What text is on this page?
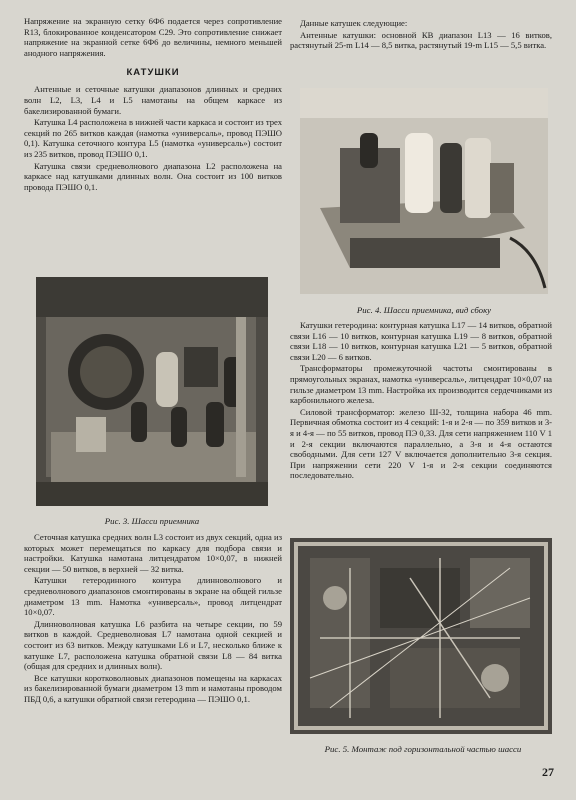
Напряжение на экранную сетку 6Ф6 подается через сопротивление R13, блокированное конденсатором C29. Это сопротивление снижает напряжение на экранной сетке 6Ф6 до величины, немного меньшей анодного напряжения.

КАТУШКИ

Антенные и сеточные катушки диапазонов длинных и средних волн L2, L3, L4 и L5 намотаны на общем каркасе из бакелизированной бумаги.

Катушка L4 расположена в нижней части каркаса и состоит из трех секций по 265 витков каждая (намотка «универсаль», провод ПЭШО 0,1). Катушка сеточного контура L5 (намотка «универсаль») состоит из 235 витков, провод ПЭШО 0,1.

Катушка связи средневолнового диапазона L2 расположена на каркасе над катушками длинных волн. Она состоит из 100 витков провода ПЭШО 0,1.

Рис. 3. Шасси приемника

Сеточная катушка средних волн L3 состоит из двух секций, одна из которых может перемещаться по каркасу для подбора связи и настройки. Катушка намотана литцендратом 10×0,07, в нижней секции — 50 витков, в верхней — 32 витка.

Катушки гетеродинного контура длинноволнового и средневолнового диапазонов смонтированы в экране на общей гильзе диаметром 13 mm. Намотка «универсаль», провод литцендрат 10×0,07.

Длинноволновая катушка L6 разбита на четыре секции, по 59 витков в каждой. Средневолновая L7 намотана одной секцией и состоит из 63 витков. Между катушками L6 и L7, несколько ближе к катушке L7, расположена катушка обратной связи L8 — 84 витка (общая для средних и длинных волн).

Все катушки коротковолновых диапазонов помещены на каркасах из бакелизированной бумаги диаметром 13 mm и намотаны проводом ПБД 0,6, а катушки обратной связи гетеродина — ПЭШО 0,1.

Данные катушек следующие:

Антенные катушки: основной КВ диапазон L13 — 16 витков, растянутый 25-m L14 — 8,5 витка, растянутый 19-m L15 — 5,5 витка.

Рис. 4. Шасси приемника, вид сбоку

Катушки гетеродина: контурная катушка L17 — 14 витков, обратной связи L16 — 10 витков, контурная катушка L19 — 8 витков, обратной связи L18 — 10 витков, контурная катушка L21 — 5 витков, обратной связи L20 — 6 витков.

Трансформаторы промежуточной частоты смонтированы в прямоугольных экранах, намотка «универсаль», литцендрат 10×0,07 на гильзе диаметром 13 mm. Настройка их производится сердечниками из карбонильного железа.

Силовой трансформатор: железо Ш-32, толщина набора 46 mm. Первичная обмотка состоит из 4 секций: 1-я и 2-я — по 359 витков и 3-я и 4-я — по 55 витков, провод ПЭ 0,33. Для сети напряжением 110 V 1 и 2-я секции включаются параллельно, а 3-я и 4-я остаются свободными. Для сети 127 V включается дополнительно 3-я секция. При напряжении сети 220 V 1-я и 2-я секции соединяются последовательно.

Рис. 5. Монтаж под горизонтальной частью шасси
27
